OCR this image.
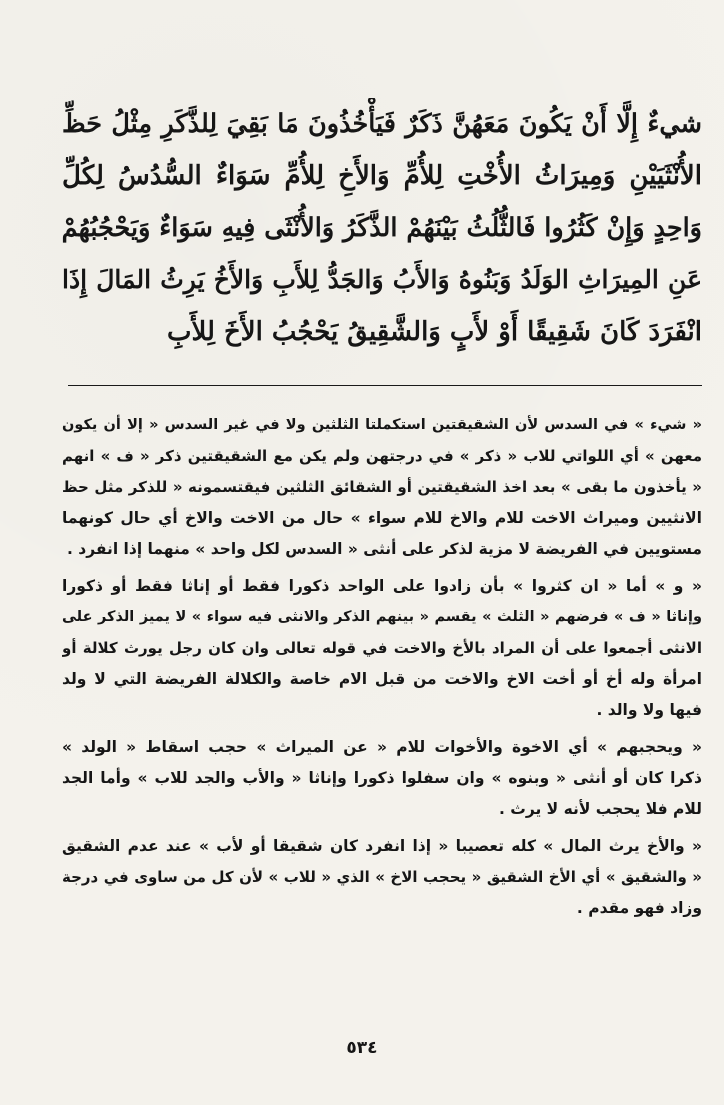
شيءٌ إِلَّا أَنْ يَكُونَ مَعَهُنَّ ذَكَرٌ فَيَأْخُذُونَ مَا بَقِيَ لِلذَّكَرِ مِثْلُ حَظِّ
الأُنْثَيَيْنِ وَمِيرَاثُ الأُخْتِ لِلأُمِّ وَالأَخِ لِلأُمِّ سَوَاءٌ السُّدُسُ لِكُلِّ
وَاحِدٍ وَإِنْ كَثُرُوا فَالثُّلُثُ بَيْنَهُمْ الذَّكَرُ وَالأُنْثَى فِيهِ سَوَاءٌ وَيَحْجُبُهُمْ
عَنِ المِيرَاثِ الوَلَدُ وَبَنُوهُ وَالأَبُ وَالجَدُّ لِلأَبِ وَالأَخُ يَرِثُ المَالَ إِذَا
انْفَرَدَ كَانَ شَقِيقًا أَوْ لأَبٍ وَالشَّقِيقُ يَحْجُبُ الأَخَ لِلأَبِ
« شيء » في السدس لأن الشقيقتين استكملتا الثلثين ولا في غير السدس « إلا أن يكون
معهن » أي اللواتي للاب « ذكر » في درجتهن ولم يكن مع الشقيقتين ذكر « ف » انهم
« يأخذون ما بقى » بعد اخذ الشقيقتين أو الشقائق الثلثين فيقتسمونه « للذكر مثل حظ
الانثيين وميراث الاخت للام والاخ للام سواء » حال من الاخت والاخ أي حال كونهما
مستويين في الفريضة لا مزية لذكر على أنثى « السدس لكل واحد » منهما إذا انفرد .
« و » أما « ان كثروا » بأن زادوا على الواحد ذكورا فقط أو إناثا فقط أو ذكورا
وإناثا « ف » فرضهم « الثلث » يقسم « بينهم الذكر والانثى فيه سواء » لا يميز الذكر على
الانثى أجمعوا على أن المراد بالأخ والاخت في قوله تعالى وان كان رجل يورث كلالة أو
امرأة وله أخ أو أخت الاخ والاخت من قبل الام خاصة والكلالة الفريضة التي لا ولد
فيها ولا والد .
« ويحجبهم » أي الاخوة والأخوات للام « عن الميراث » حجب اسقاط « الولد »
ذكرا كان أو أنثى « وبنوه » وان سفلوا ذكورا وإناثا « والأب والجد للاب » وأما الجد
للام فلا يحجب لأنه لا يرث .
« والأخ يرث المال » كله تعصيبا « إذا انفرد كان شقيقا أو لأب » عند عدم الشقيق
« والشقيق » أي الأخ الشقيق « يحجب الاخ » الذي « للاب » لأن كل من ساوى في درجة
وزاد فهو مقدم .
٥٣٤
